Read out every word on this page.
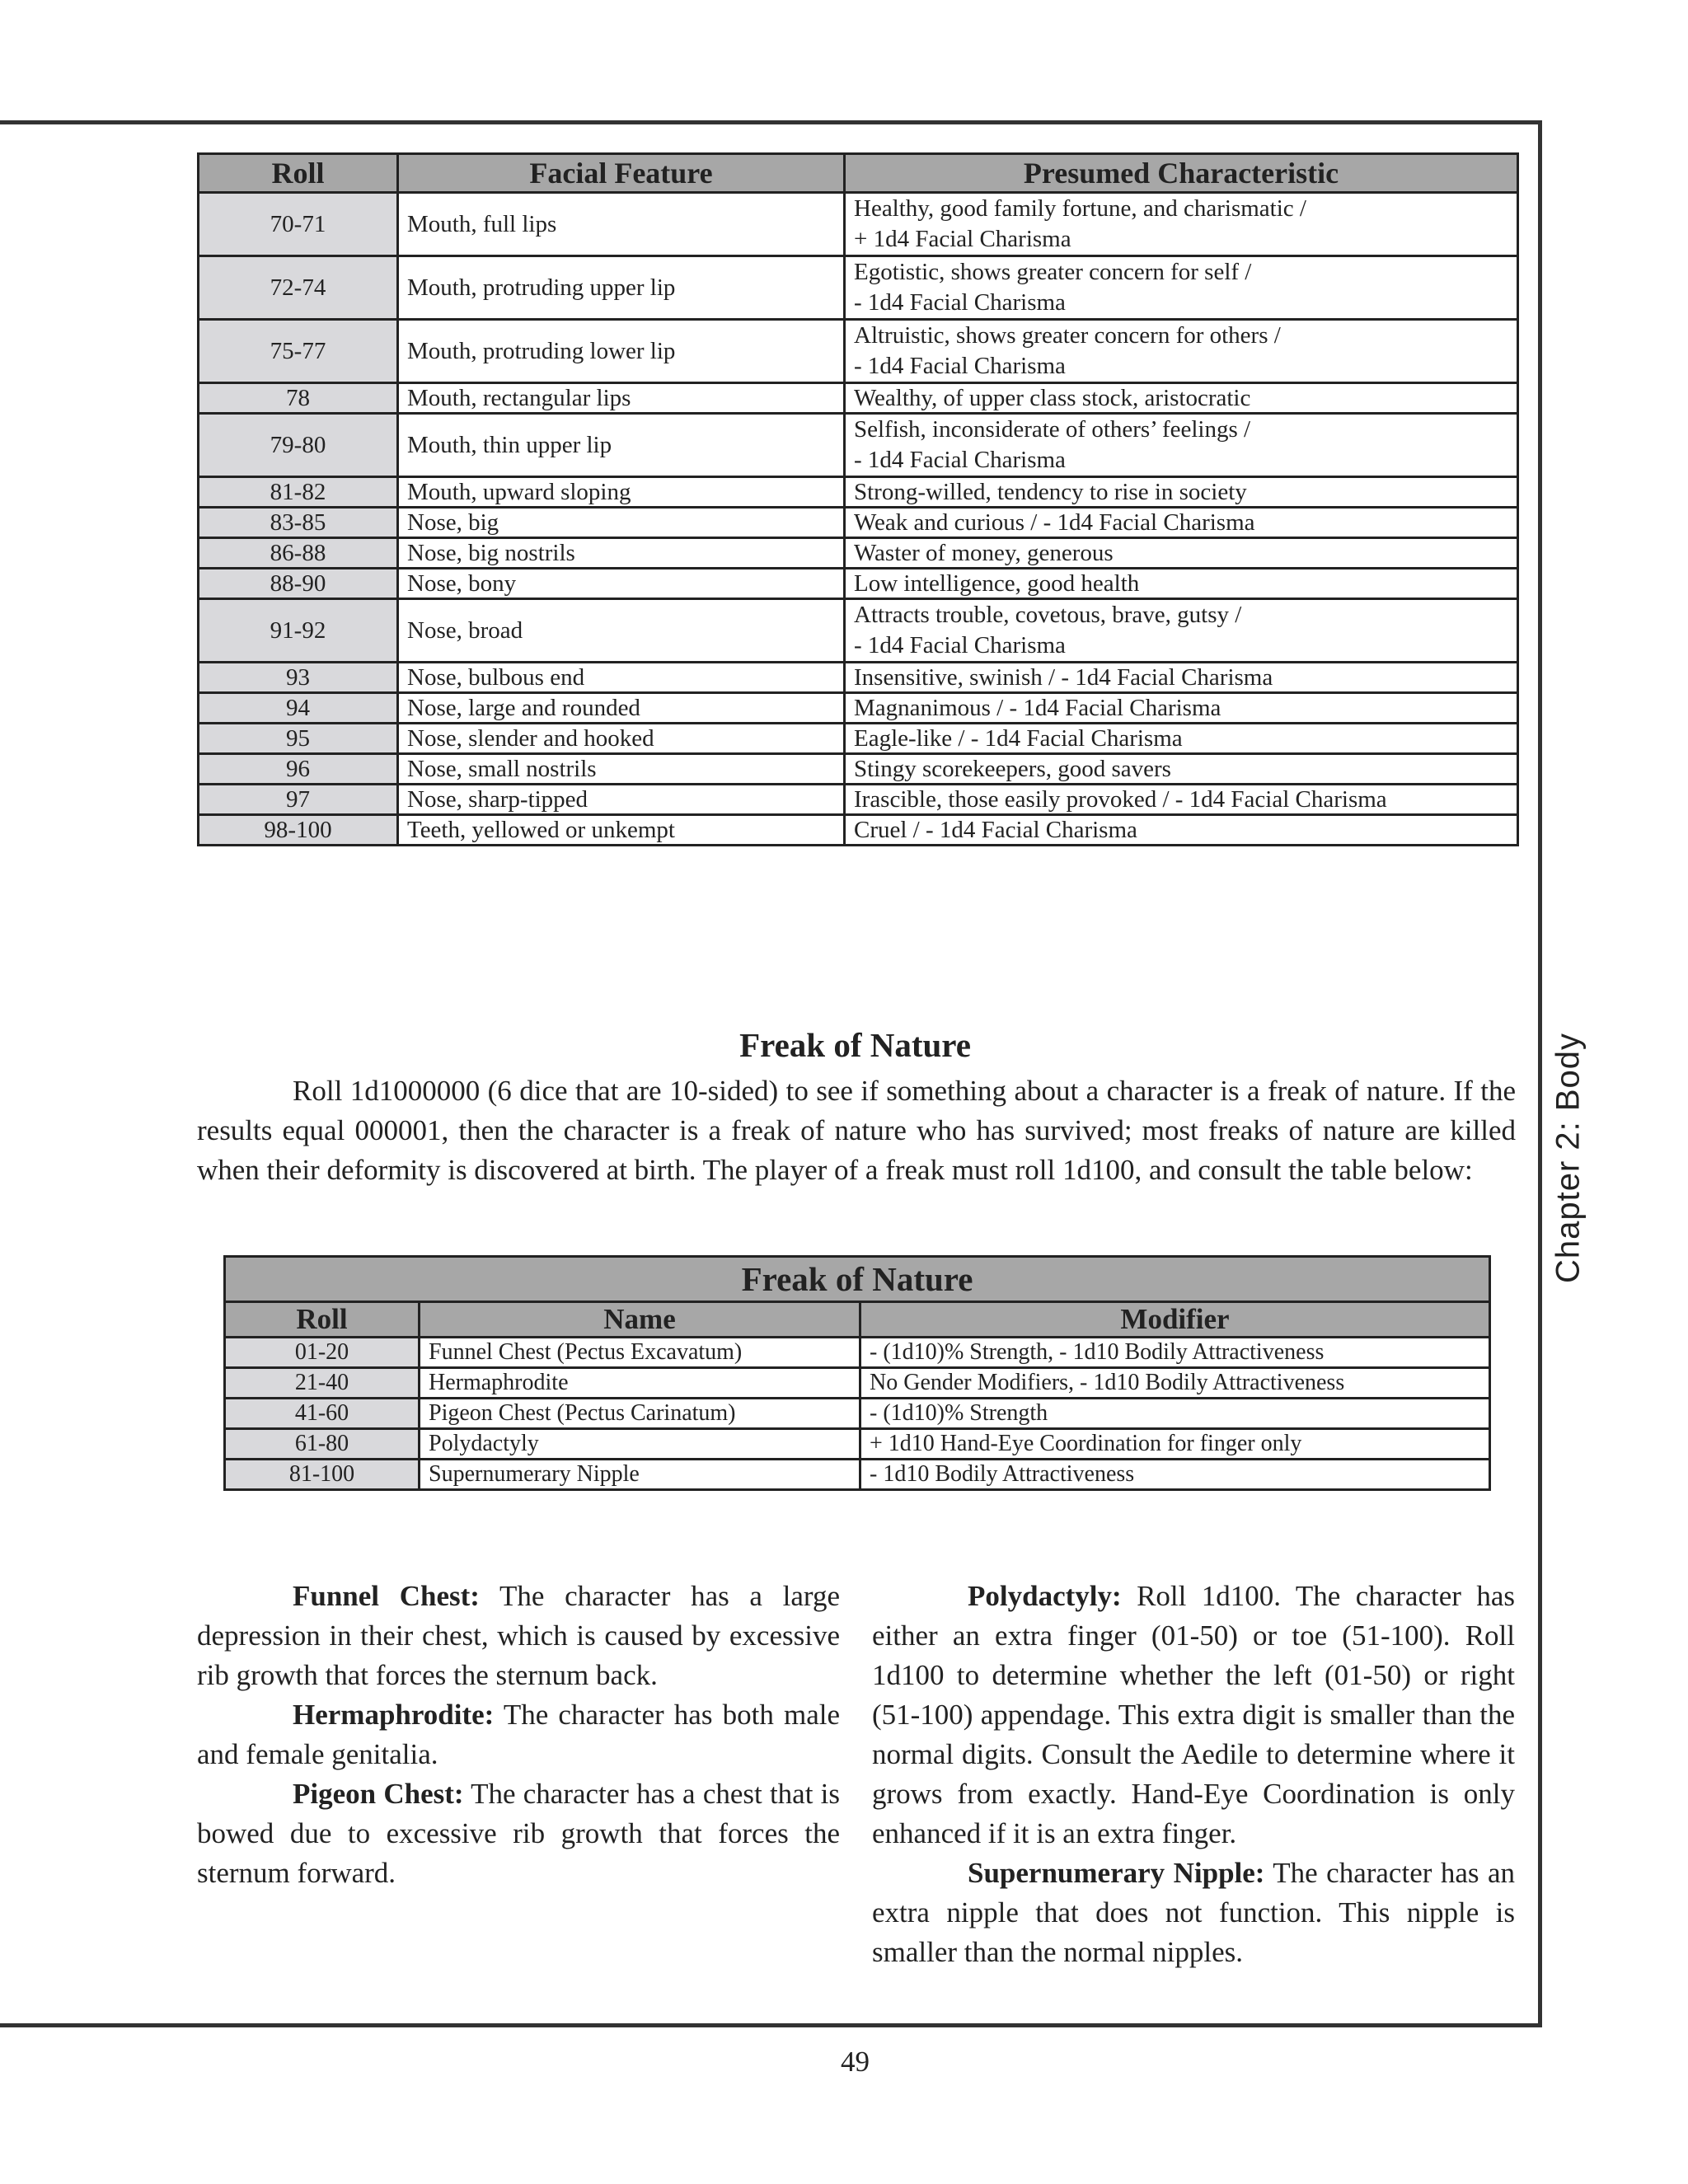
Chapter 2: Body
Roll	Facial Feature	Presumed Characteristic
70-71	Mouth, full lips	Healthy, good family fortune, and charismatic /
+ 1d4 Facial Charisma

72-74	Mouth, protruding upper lip	Egotistic, shows greater concern for self /
- 1d4 Facial Charisma

75-77	Mouth, protruding lower lip	Altruistic, shows greater concern for others /
- 1d4 Facial Charisma

78	Mouth, rectangular lips	Wealthy, of upper class stock, aristocratic

79-80	Mouth, thin upper lip	Selfish, inconsiderate of others’ feelings /
- 1d4 Facial Charisma

81-82	Mouth, upward sloping	Strong-willed, tendency to rise in society

83-85	Nose, big	Weak and curious / - 1d4 Facial Charisma

86-88	Nose, big nostrils	Waster of money, generous

88-90	Nose, bony	Low intelligence, good health

91-92	Nose, broad	Attracts trouble, covetous, brave, gutsy /
- 1d4 Facial Charisma

93	Nose, bulbous end	Insensitive, swinish / - 1d4 Facial Charisma

94	Nose, large and rounded	Magnanimous / - 1d4 Facial Charisma

95	Nose, slender and hooked	Eagle-like / - 1d4 Facial Charisma

96	Nose, small nostrils	Stingy scorekeepers, good savers

97	Nose, sharp-tipped	Irascible, those easily provoked / - 1d4 Facial Charisma

98-100	Teeth, yellowed or unkempt	Cruel / - 1d4 Facial Charisma
Freak of Nature

Roll 1d1000000 (6 dice that are 10-sided) to see if something about a character is a freak of nature. If the results equal 000001, then the character is a freak of nature who has survived; most freaks of nature are killed when their deformity is discovered at birth. The player of a freak must roll 1d100, and consult the table below:

Freak of Nature		
Roll	Name	Modifier
01-20	Funnel Chest (Pectus Excavatum)	- (1d10)% Strength, - 1d10 Bodily Attractiveness
21-40	Hermaphrodite	No Gender Modifiers, - 1d10 Bodily Attractiveness
41-60	Pigeon Chest (Pectus Carinatum)	- (1d10)% Strength
61-80	Polydactyly	+ 1d10 Hand-Eye Coordination for finger only
81-100	Supernumerary Nipple	- 1d10 Bodily Attractiveness

Funnel Chest: The character has a large depression in their chest, which is caused by excessive rib growth that forces the sternum back.

Hermaphrodite: The character has both male and female genitalia.

Pigeon Chest: The character has a chest that is bowed due to excessive rib growth that forces the sternum forward.

Polydactyly: Roll 1d100. The character has either an extra finger (01-50) or toe (51-100). Roll 1d100 to determine whether the left (01-50) or right (51-100) appendage. This extra digit is smaller than the normal digits. Consult the Aedile to determine where it grows from exactly. Hand-Eye Coordination is only enhanced if it is an extra finger.

Supernumerary Nipple: The character has an extra nipple that does not function. This nipple is smaller than the normal nipples.

49
